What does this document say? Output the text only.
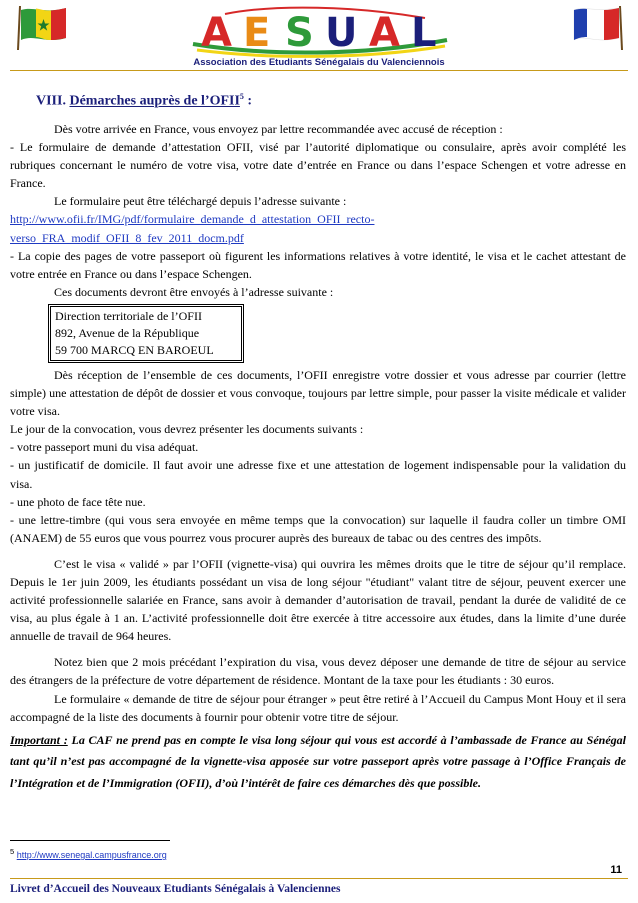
A E S U A L
Association des Etudiants Sénégalais du Valenciennois
VIII. Démarches auprès de l’OFII$^5$ :

Dès votre arrivée en France, vous envoyez par lettre recommandée avec accusé de réception :

- Le formulaire de demande d’attestation OFII, visé par l’autorité diplomatique ou consulaire, après avoir complété les rubriques concernant le numéro de votre visa, votre date d’entrée en France ou dans l’espace Schengen et votre adresse en France.

Le formulaire peut être téléchargé depuis l’adresse suivante :

http://www.ofii.fr/IMG/pdf/formulaire_demande_d_attestation_OFII_recto-
verso_FRA_modif_OFII_8_fev_2011_docm.pdf

- La copie des pages de votre passeport où figurent les informations relatives à votre identité, le visa et le cachet attestant de votre entrée en France ou dans l’espace Schengen.

Ces documents devront être envoyés à l’adresse suivante :

Direction territoriale de l’OFII
892, Avenue de la République
59 700 MARCQ EN BAROEUL

Dès réception de l’ensemble de ces documents, l’OFII enregistre votre dossier et vous adresse par courrier (lettre simple) une attestation de dépôt de dossier et vous convoque, toujours par lettre simple, pour passer la visite médicale et valider votre visa.

Le jour de la convocation, vous devrez présenter les documents suivants :

- votre passeport muni du visa adéquat.

- un justificatif de domicile. Il faut avoir une adresse fixe et une attestation de logement indispensable pour la validation du visa.

- une photo de face tête nue.

- une lettre-timbre (qui vous sera envoyée en même temps que la convocation) sur laquelle il faudra coller un timbre OMI (ANAEM) de 55 euros que vous pourrez vous procurer auprès des bureaux de tabac ou des centres des impôts.

C’est le visa « validé » par l’OFII (vignette-visa) qui ouvrira les mêmes droits que le titre de séjour qu’il remplace. Depuis le 1er juin 2009, les étudiants possédant un visa de long séjour "étudiant" valant titre de séjour, peuvent exercer une activité professionnelle salariée en France, sans avoir à demander d’autorisation de travail, pendant la durée de validité de ce visa, au plus égale à 1 an. L’activité professionnelle doit être exercée à titre accessoire aux études, dans la limite d’une durée annuelle de travail de 964 heures.

Notez bien que 2 mois précédant l’expiration du visa, vous devez déposer une demande de titre de séjour au service des étrangers de la préfecture de votre département de résidence. Montant de la taxe pour les étudiants : 30 euros.

Le formulaire « demande de titre de séjour pour étranger » peut être retiré à l’Accueil du Campus Mont Houy et il sera accompagné de la liste des documents à fournir pour obtenir votre titre de séjour.

Important : La CAF ne prend pas en compte le visa long séjour qui vous est accordé à l’ambassade de France au Sénégal tant qu’il n’est pas accompagné de la vignette-visa apposée sur votre passeport après votre passage à l’Office Français de l’Intégration et de l’Immigration (OFII), d’où l’intérêt de faire ces démarches dès que possible.

$^5$ http://www.senegal.campusfrance.org
11
Livret d’Accueil des Nouveaux Etudiants Sénégalais à Valenciennes
